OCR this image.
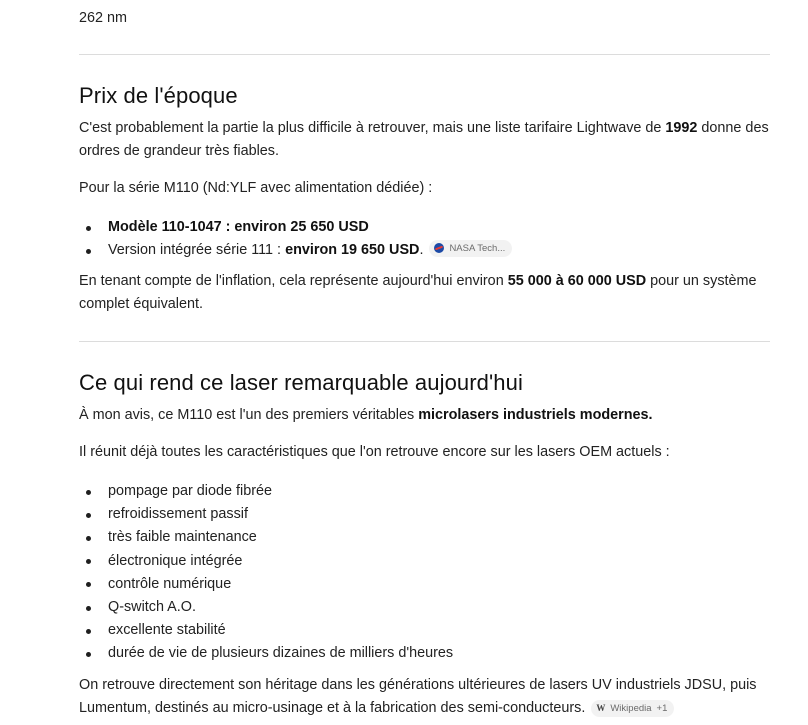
262 nm

Prix de l'époque

C'est probablement la partie la plus difficile à retrouver, mais une liste tarifaire Lightwave de 1992 donne des ordres de grandeur très fiables.

Pour la série M110 (Nd:YLF avec alimentation dédiée) :

Modèle 110-1047 : environ 25 650 USD
Version intégrée série 111 : environ 19 650 USD.	NASA Tech...

En tenant compte de l'inflation, cela représente aujourd'hui environ 55 000 à 60 000 USD pour un système complet équivalent.

Ce qui rend ce laser remarquable aujourd'hui

À mon avis, ce M110 est l'un des premiers véritables microlasers industriels modernes.

Il réunit déjà toutes les caractéristiques que l'on retrouve encore sur les lasers OEM actuels :

pompage par diode fibrée
refroidissement passif
très faible maintenance
électronique intégrée
contrôle numérique
Q-switch A.O.
excellente stabilité
durée de vie de plusieurs dizaines de milliers d'heures

On retrouve directement son héritage dans les générations ultérieures de lasers UV industriels JDSU, puis Lumentum, destinés au micro-usinage et à la fabrication des semi-conducteurs. W Wikipedia +1
